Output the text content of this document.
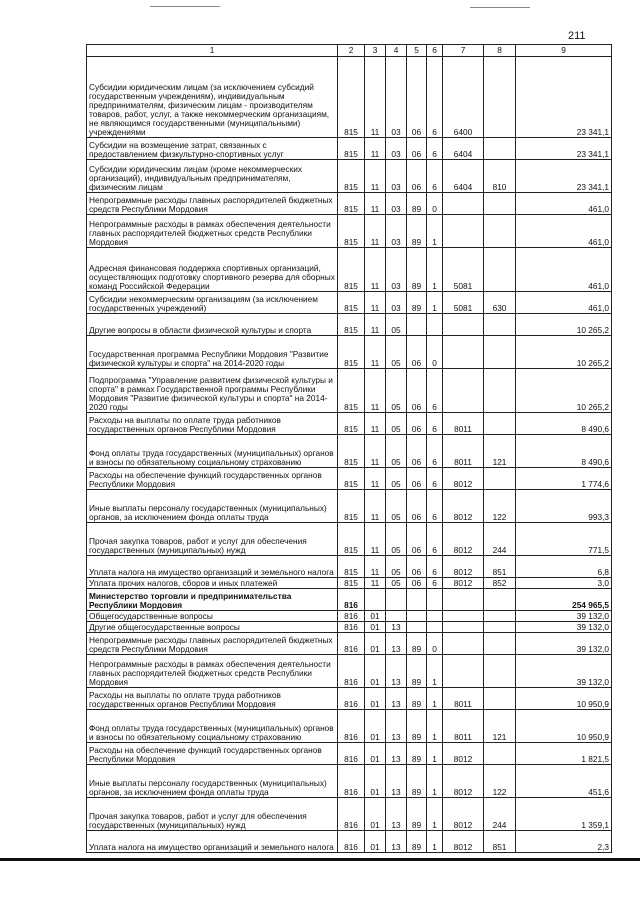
211
1	2	3	4	5	6	7	8	9
Субсидии юридическим лицам (за исключением субсидий государственным учреждениям), индивидуальным предпринимателям, физическим лицам - производителям товаров, работ, услуг, а также некоммерческим организациям, не являющимся государственными (муниципальными) учреждениями	815	11	03	06	6	6400		23 341,1
Субсидии на возмещение затрат, связанных с предоставлением физкультурно-спортивных услуг	815	11	03	06	6	6404		23 341,1
Субсидии юридическим лицам (кроме некоммерческих организаций), индивидуальным предпринимателям, физическим лицам	815	11	03	06	6	6404	810	23 341,1
Непрограммные расходы главных распорядителей бюджетных средств Республики Мордовия	815	11	03	89	0			461,0
Непрограммные расходы в рамках обеспечения деятельности главных распорядителей бюджетных средств Республики Мордовия	815	11	03	89	1			461,0
Адресная финансовая поддержка спортивных организаций, осуществляющих подготовку спортивного резерва для сборных команд Российской Федерации	815	11	03	89	1	5081		461,0
Субсидии некоммерческим организациям (за исключением государственных учреждений)	815	11	03	89	1	5081	630	461,0
Другие вопросы в области физической культуры и спорта	815	11	05					10 265,2
Государственная программа Республики Мордовия "Развитие физической культуры и спорта" на 2014-2020 годы	815	11	05	06	0			10 265,2
Подпрограмма "Управление развитием физической культуры и спорта" в рамках Государственной программы Республики Мордовия "Развитие физической культуры и спорта" на 2014-2020 годы	815	11	05	06	6			10 265,2
Расходы на выплаты по оплате труда работников государственных органов Республики Мордовия	815	11	05	06	6	8011		8 490,6
Фонд оплаты труда государственных (муниципальных) органов и взносы по обязательному социальному страхованию	815	11	05	06	6	8011	121	8 490,6
Расходы на обеспечение функций государственных органов Республики Мордовия	815	11	05	06	6	8012		1 774,6
Иные выплаты персоналу государственных (муниципальных) органов, за исключением фонда оплаты труда	815	11	05	06	6	8012	122	993,3
Прочая закупка товаров, работ и услуг для обеспечения государственных (муниципальных) нужд	815	11	05	06	6	8012	244	771,5
Уплата налога на имущество организаций и земельного налога	815	11	05	06	6	8012	851	6,8
Уплата прочих налогов, сборов и иных платежей	815	11	05	06	6	8012	852	3,0
Министерство торговли и предпринимательства Республики Мордовия	816							254 965,5
Общегосударственные вопросы	816	01						39 132,0
Другие общегосударственные вопросы	816	01	13					39 132,0
Непрограммные расходы главных распорядителей бюджетных средств Республики Мордовия	816	01	13	89	0			39 132,0
Непрограммные расходы в рамках обеспечения деятельности главных распорядителей бюджетных средств Республики Мордовия	816	01	13	89	1			39 132,0
Расходы на выплаты по оплате труда работников государственных органов Республики Мордовия	816	01	13	89	1	8011		10 950,9
Фонд оплаты труда государственных (муниципальных) органов и взносы по обязательному социальному страхованию	816	01	13	89	1	8011	121	10 950,9
Расходы на обеспечение функций государственных органов Республики Мордовия	816	01	13	89	1	8012		1 821,5
Иные выплаты персоналу государственных (муниципальных) органов, за исключением фонда оплаты труда	816	01	13	89	1	8012	122	451,6
Прочая закупка товаров, работ и услуг для обеспечения государственных (муниципальных) нужд	816	01	13	89	1	8012	244	1 359,1
Уплата налога на имущество организаций и земельного налога	816	01	13	89	1	8012	851	2,3
